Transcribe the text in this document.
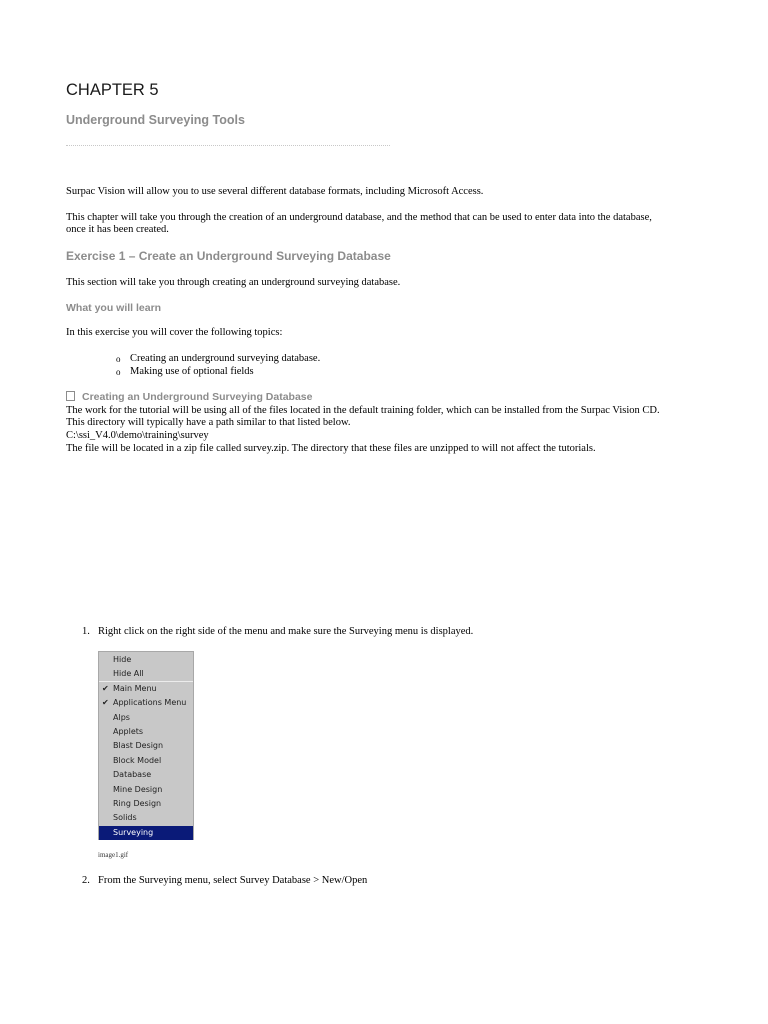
CHAPTER 5
Underground Surveying Tools
Surpac Vision will allow you to use several different database formats, including Microsoft Access.
This chapter will take you through the creation of an underground database, and the method that can be used to enter data into the database,
once it has been created.
Exercise 1 – Create an Underground Surveying Database
This section will take you through creating an underground surveying database.
What you will learn
In this exercise you will cover the following topics:
o Creating an underground surveying database.
o Making use of optional fields
Creating an Underground Surveying Database
The work for the tutorial will be using all of the files located in the default training folder, which can be installed from the Surpac Vision CD.
This directory will typically have a path similar to that listed below.
C:\ssi_V4.0\demo\training\survey
The file will be located in a zip file called survey.zip. The directory that these files are unzipped to will not affect the tutorials.
1. Right click on the right side of the menu and make sure the Surveying menu is displayed.
Hide
Hide All
✔ Main Menu
✔ Applications Menu
Alps
Applets
Blast Design
Block Model
Database
Mine Design
Ring Design
Solids
Surveying
image1.gif
2. From the Surveying menu, select Survey Database > New/Open
